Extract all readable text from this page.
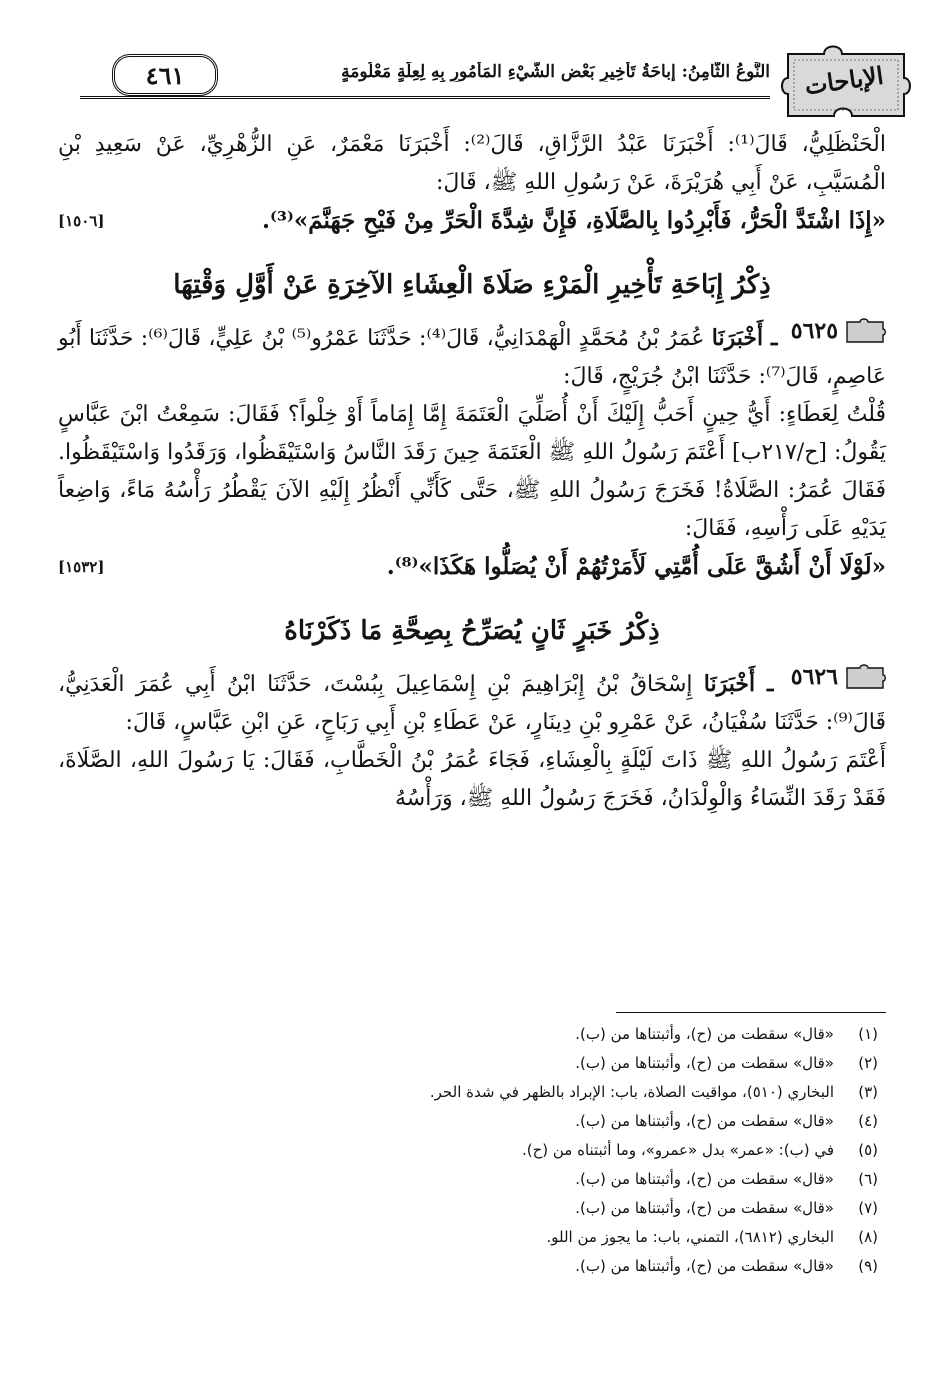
الإباحات
النَّوعُ الثَّامِنُ: إباحَةُ تَأْخِيرِ بَعْضِ الشَّيْءِ المَأْمُورِ بِهِ لِعِلَّةٍ مَعْلُومَةٍ
٤٦١

الْحَنْظَلِيُّ، قَالَ⁽¹⁾: أَخْبَرَنَا عَبْدُ الرَّزَّاقِ، قَالَ⁽²⁾: أَخْبَرَنَا مَعْمَرٌ، عَنِ الزُّهْرِيِّ، عَنْ سَعِيدِ بْنِ الْمُسَيَّبِ، عَنْ أَبِي هُرَيْرَةَ، عَنْ رَسُولِ اللهِ ﷺ، قَالَ:

«إِذَا اشْتَدَّ الْحَرُّ، فَأَبْرِدُوا بِالصَّلَاةِ، فَإِنَّ شِدَّةَ الْحَرِّ مِنْ فَيْحِ جَهَنَّمَ»⁽³⁾.
[١٥٠٦]

ذِكْرُ إِبَاحَةِ تَأْخِيرِ الْمَرْءِ صَلَاةَ الْعِشَاءِ الآخِرَةِ عَنْ أَوَّلِ وَقْتِهَا

٥٦٢٥
ـ أَخْبَرَنَا عُمَرُ بْنُ مُحَمَّدٍ الْهَمْدَانِيُّ، قَالَ⁽⁴⁾: حَدَّثَنَا عَمْرُو⁽⁵⁾ بْنُ عَلِيٍّ، قَالَ⁽⁶⁾: حَدَّثَنَا أَبُو عَاصِمٍ، قَالَ⁽⁷⁾: حَدَّثَنَا ابْنُ جُرَيْجٍ، قَالَ:

قُلْتُ لِعَطَاءٍ: أَيُّ حِينٍ أَحَبُّ إِلَيْكَ أَنْ أُصَلِّيَ الْعَتَمَةَ إِمَّا إِمَاماً أَوْ خِلْواً؟ فَقَالَ: سَمِعْتُ ابْنَ عَبَّاسٍ يَقُولُ: [ح/٢١٧ب] أَعْتَمَ رَسُولُ اللهِ ﷺ الْعَتَمَةَ حِينَ رَقَدَ النَّاسُ وَاسْتَيْقَظُوا، وَرَقَدُوا وَاسْتَيْقَظُوا. فَقَالَ عُمَرُ: الصَّلَاةُ! فَخَرَجَ رَسُولُ اللهِ ﷺ، حَتَّى كَأَنِّي أَنْظُرُ إِلَيْهِ الآنَ يَقْطُرُ رَأْسُهُ مَاءً، وَاضِعاً يَدَيْهِ عَلَى رَأْسِهِ، فَقَالَ:

«لَوْلَا أَنْ أَشُقَّ عَلَى أُمَّتِي لَأَمَرْتُهُمْ أَنْ يُصَلُّوا هَكَذَا»⁽⁸⁾.
[١٥٣٢]

ذِكْرُ خَبَرٍ ثَانٍ يُصَرِّحُ بِصِحَّةِ مَا ذَكَرْنَاهُ

٥٦٢٦
ـ أَخْبَرَنَا إِسْحَاقُ بْنُ إِبْرَاهِيمَ بْنِ إِسْمَاعِيلَ بِبُسْتَ، حَدَّثَنَا ابْنُ أَبِي عُمَرَ الْعَدَنِيُّ، قَالَ⁽⁹⁾: حَدَّثَنَا سُفْيَانُ، عَنْ عَمْرِو بْنِ دِينَارٍ، عَنْ عَطَاءِ بْنِ أَبِي رَبَاحٍ، عَنِ ابْنِ عَبَّاسٍ، قَالَ:

أَعْتَمَ رَسُولُ اللهِ ﷺ ذَاتَ لَيْلَةٍ بِالْعِشَاءِ، فَجَاءَ عُمَرُ بْنُ الْخَطَّابِ، فَقَالَ: يَا رَسُولَ اللهِ، الصَّلَاةَ، فَقَدْ رَقَدَ النِّسَاءُ وَالْوِلْدَانُ، فَخَرَجَ رَسُولُ اللهِ ﷺ، وَرَأْسُهُ

(١)
«قال» سقطت من (ح)، وأثبتناها من (ب).
(٢)
«قال» سقطت من (ح)، وأثبتناها من (ب).
(٣)
البخاري (٥١٠)، مواقيت الصلاة، باب: الإبراد بالظهر في شدة الحر.
(٤)
«قال» سقطت من (ح)، وأثبتناها من (ب).
(٥)
في (ب): «عمر» بدل «عمرو»، وما أثبتناه من (ح).
(٦)
«قال» سقطت من (ح)، وأثبتناها من (ب).
(٧)
«قال» سقطت من (ح)، وأثبتناها من (ب).
(٨)
البخاري (٦٨١٢)، التمني، باب: ما يجوز من اللو.
(٩)
«قال» سقطت من (ح)، وأثبتناها من (ب).
